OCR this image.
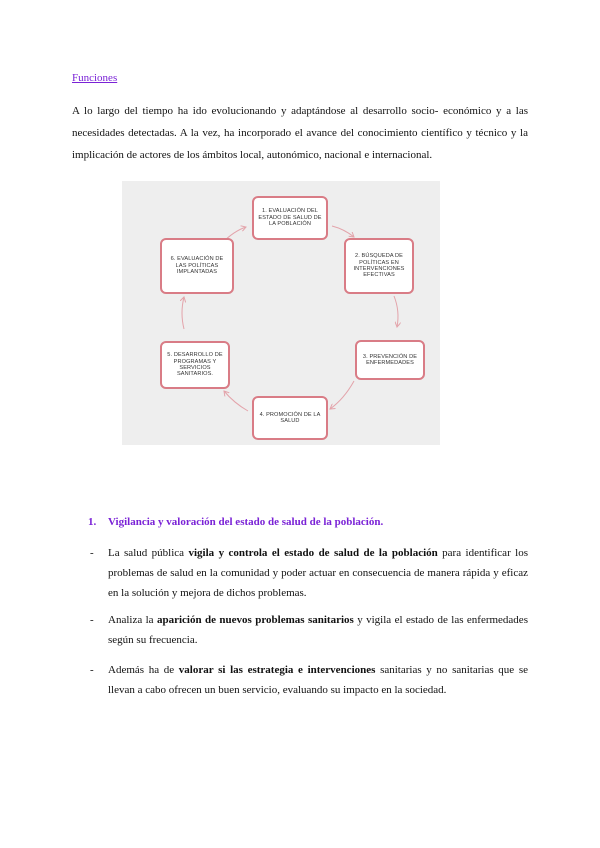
Funciones

A lo largo del tiempo ha ido evolucionando y adaptándose al desarrollo socio- económico y a las necesidades detectadas. A la vez, ha incorporado el avance del conocimiento científico y técnico y la implicación de actores de los ámbitos local, autonómico, nacional e internacional.

1. EVALUACIÓN DEL ESTADO DE SALUD DE LA POBLACIÓN
2. BÚSQUEDA DE POLÍTICAS EN INTERVENCIONES EFECTIVAS
3. PREVENCIÓN DE ENFERMEDADES
4. PROMOCIÓN DE LA SALUD
5. DESARROLLO DE PROGRAMAS Y SERVICIOS SANITARIOS.
6. EVALUACIÓN DE LAS POLÍTICAS IMPLANTADAS

1. Vigilancia y valoración del estado de salud de la población.

- La salud pública vigila y controla el estado de salud de la población para identificar los problemas de salud en la comunidad y poder actuar en consecuencia de manera rápida y eficaz en la solución y mejora de dichos problemas.
- Analiza la aparición de nuevos problemas sanitarios y vigila el estado de las enfermedades según su frecuencia.
- Además ha de valorar si las estrategia e intervenciones sanitarias y no sanitarias que se llevan a cabo ofrecen un buen servicio, evaluando su impacto en la sociedad.
